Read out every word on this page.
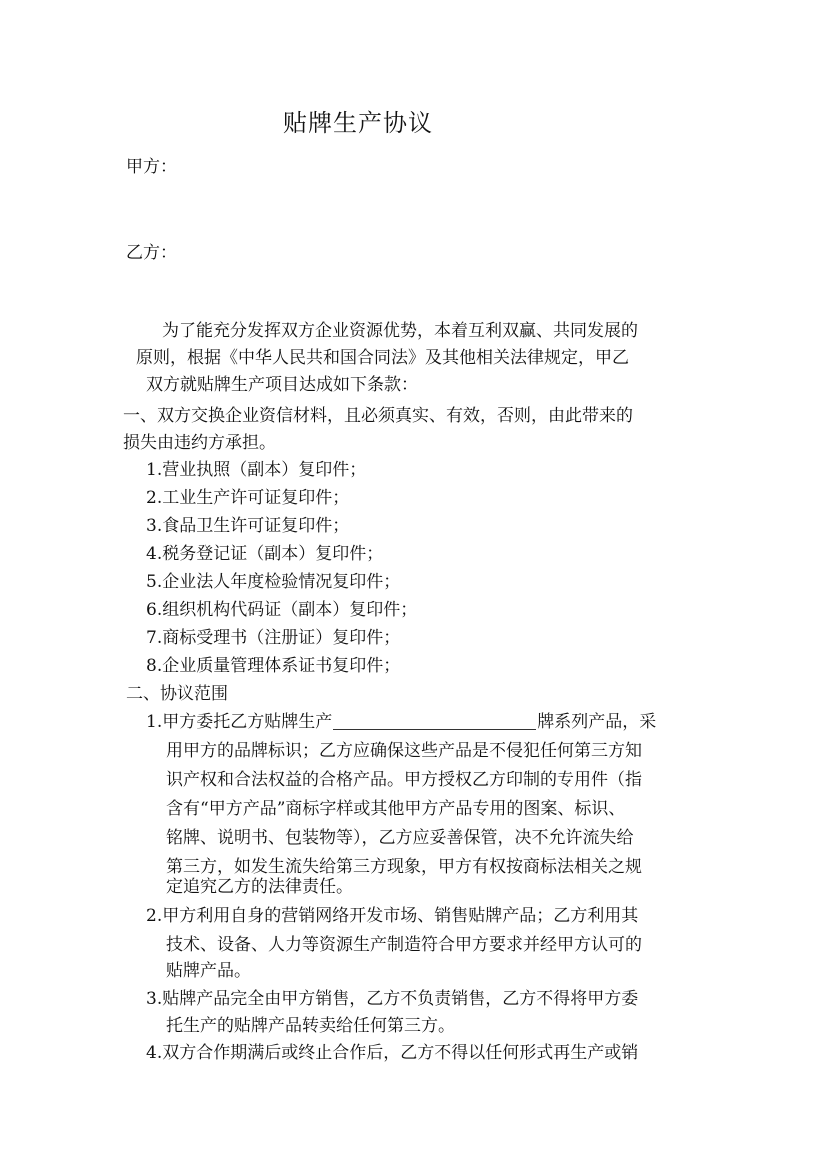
贴牌生产协议
甲方：
乙方：
为了能充分发挥双方企业资源优势，本着互利双赢、共同发展的
原则，根据《中华人民共和国合同法》及其他相关法律规定，甲乙
双方就贴牌生产项目达成如下条款：
一、双方交换企业资信材料，且必须真实、有效，否则，由此带来的
损失由违约方承担。
1.营业执照（副本）复印件；
2.工业生产许可证复印件；
3.食品卫生许可证复印件；
4.税务登记证（副本）复印件；
5.企业法人年度检验情况复印件；
6.组织机构代码证（副本）复印件；
7.商标受理书（注册证）复印件；
8.企业质量管理体系证书复印件；
二、协议范围
1.甲方委托乙方贴牌生产	牌系列产品，采
用甲方的品牌标识；乙方应确保这些产品是不侵犯任何第三方知
识产权和合法权益的合格产品。甲方授权乙方印制的专用件（指
含有“甲方产品”商标字样或其他甲方产品专用的图案、标识、
铭牌、说明书、包装物等），乙方应妥善保管，决不允许流失给
第三方，如发生流失给第三方现象，甲方有权按商标法相关之规
定追究乙方的法律责任。
2.甲方利用自身的营销网络开发市场、销售贴牌产品；乙方利用其
技术、设备、人力等资源生产制造符合甲方要求并经甲方认可的
贴牌产品。
3.贴牌产品完全由甲方销售，乙方不负责销售，乙方不得将甲方委
托生产的贴牌产品转卖给任何第三方。
4.双方合作期满后或终止合作后，乙方不得以任何形式再生产或销
